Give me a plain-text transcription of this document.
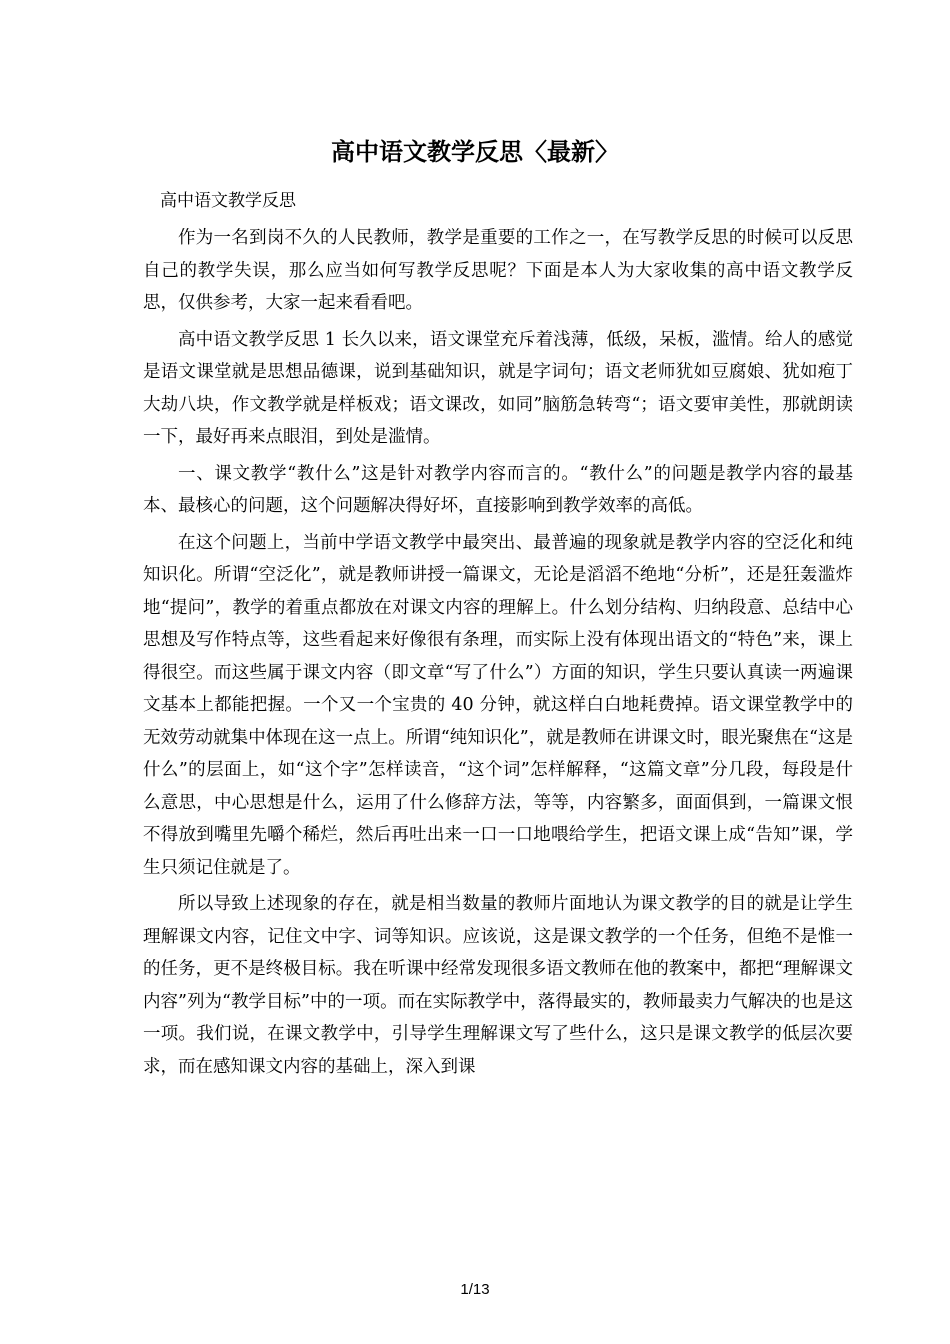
高中语文教学反思〈最新〉

高中语文教学反思

作为一名到岗不久的人民教师，教学是重要的工作之一，在写教学反思的时候可以反思自己的教学失误，那么应当如何写教学反思呢？下面是本人为大家收集的高中语文教学反思，仅供参考，大家一起来看看吧。

高中语文教学反思 1 长久以来，语文课堂充斥着浅薄，低级，呆板，滥情。给人的感觉是语文课堂就是思想品德课，说到基础知识，就是字词句；语文老师犹如豆腐娘、犹如疱丁大劫八块，作文教学就是样板戏；语文课改，如同”脑筋急转弯“；语文要审美性，那就朗读一下，最好再来点眼泪，到处是滥情。

一、课文教学“教什么”这是针对教学内容而言的。“教什么”的问题是教学内容的最基本、最核心的问题，这个问题解决得好坏，直接影响到教学效率的高低。

在这个问题上，当前中学语文教学中最突出、最普遍的现象就是教学内容的空泛化和纯知识化。所谓“空泛化”，就是教师讲授一篇课文，无论是滔滔不绝地“分析”，还是狂轰滥炸地“提问”，教学的着重点都放在对课文内容的理解上。什么划分结构、归纳段意、总结中心思想及写作特点等，这些看起来好像很有条理，而实际上没有体现出语文的“特色”来，课上得很空。而这些属于课文内容（即文章“写了什么”）方面的知识，学生只要认真读一两遍课文基本上都能把握。一个又一个宝贵的 40 分钟，就这样白白地耗费掉。语文课堂教学中的无效劳动就集中体现在这一点上。所谓“纯知识化”，就是教师在讲课文时，眼光聚焦在“这是什么”的层面上，如“这个字”怎样读音，“这个词”怎样解释，“这篇文章”分几段，每段是什么意思，中心思想是什么，运用了什么修辞方法，等等，内容繁多，面面俱到，一篇课文恨不得放到嘴里先嚼个稀烂，然后再吐出来一口一口地喂给学生，把语文课上成“告知”课，学生只须记住就是了。

所以导致上述现象的存在，就是相当数量的教师片面地认为课文教学的目的就是让学生理解课文内容，记住文中字、词等知识。应该说，这是课文教学的一个任务，但绝不是惟一的任务，更不是终极目标。我在听课中经常发现很多语文教师在他的教案中，都把“理解课文内容”列为“教学目标”中的一项。而在实际教学中，落得最实的，教师最卖力气解决的也是这一项。我们说，在课文教学中，引导学生理解课文写了些什么，这只是课文教学的低层次要求，而在感知课文内容的基础上，深入到课

1/13
